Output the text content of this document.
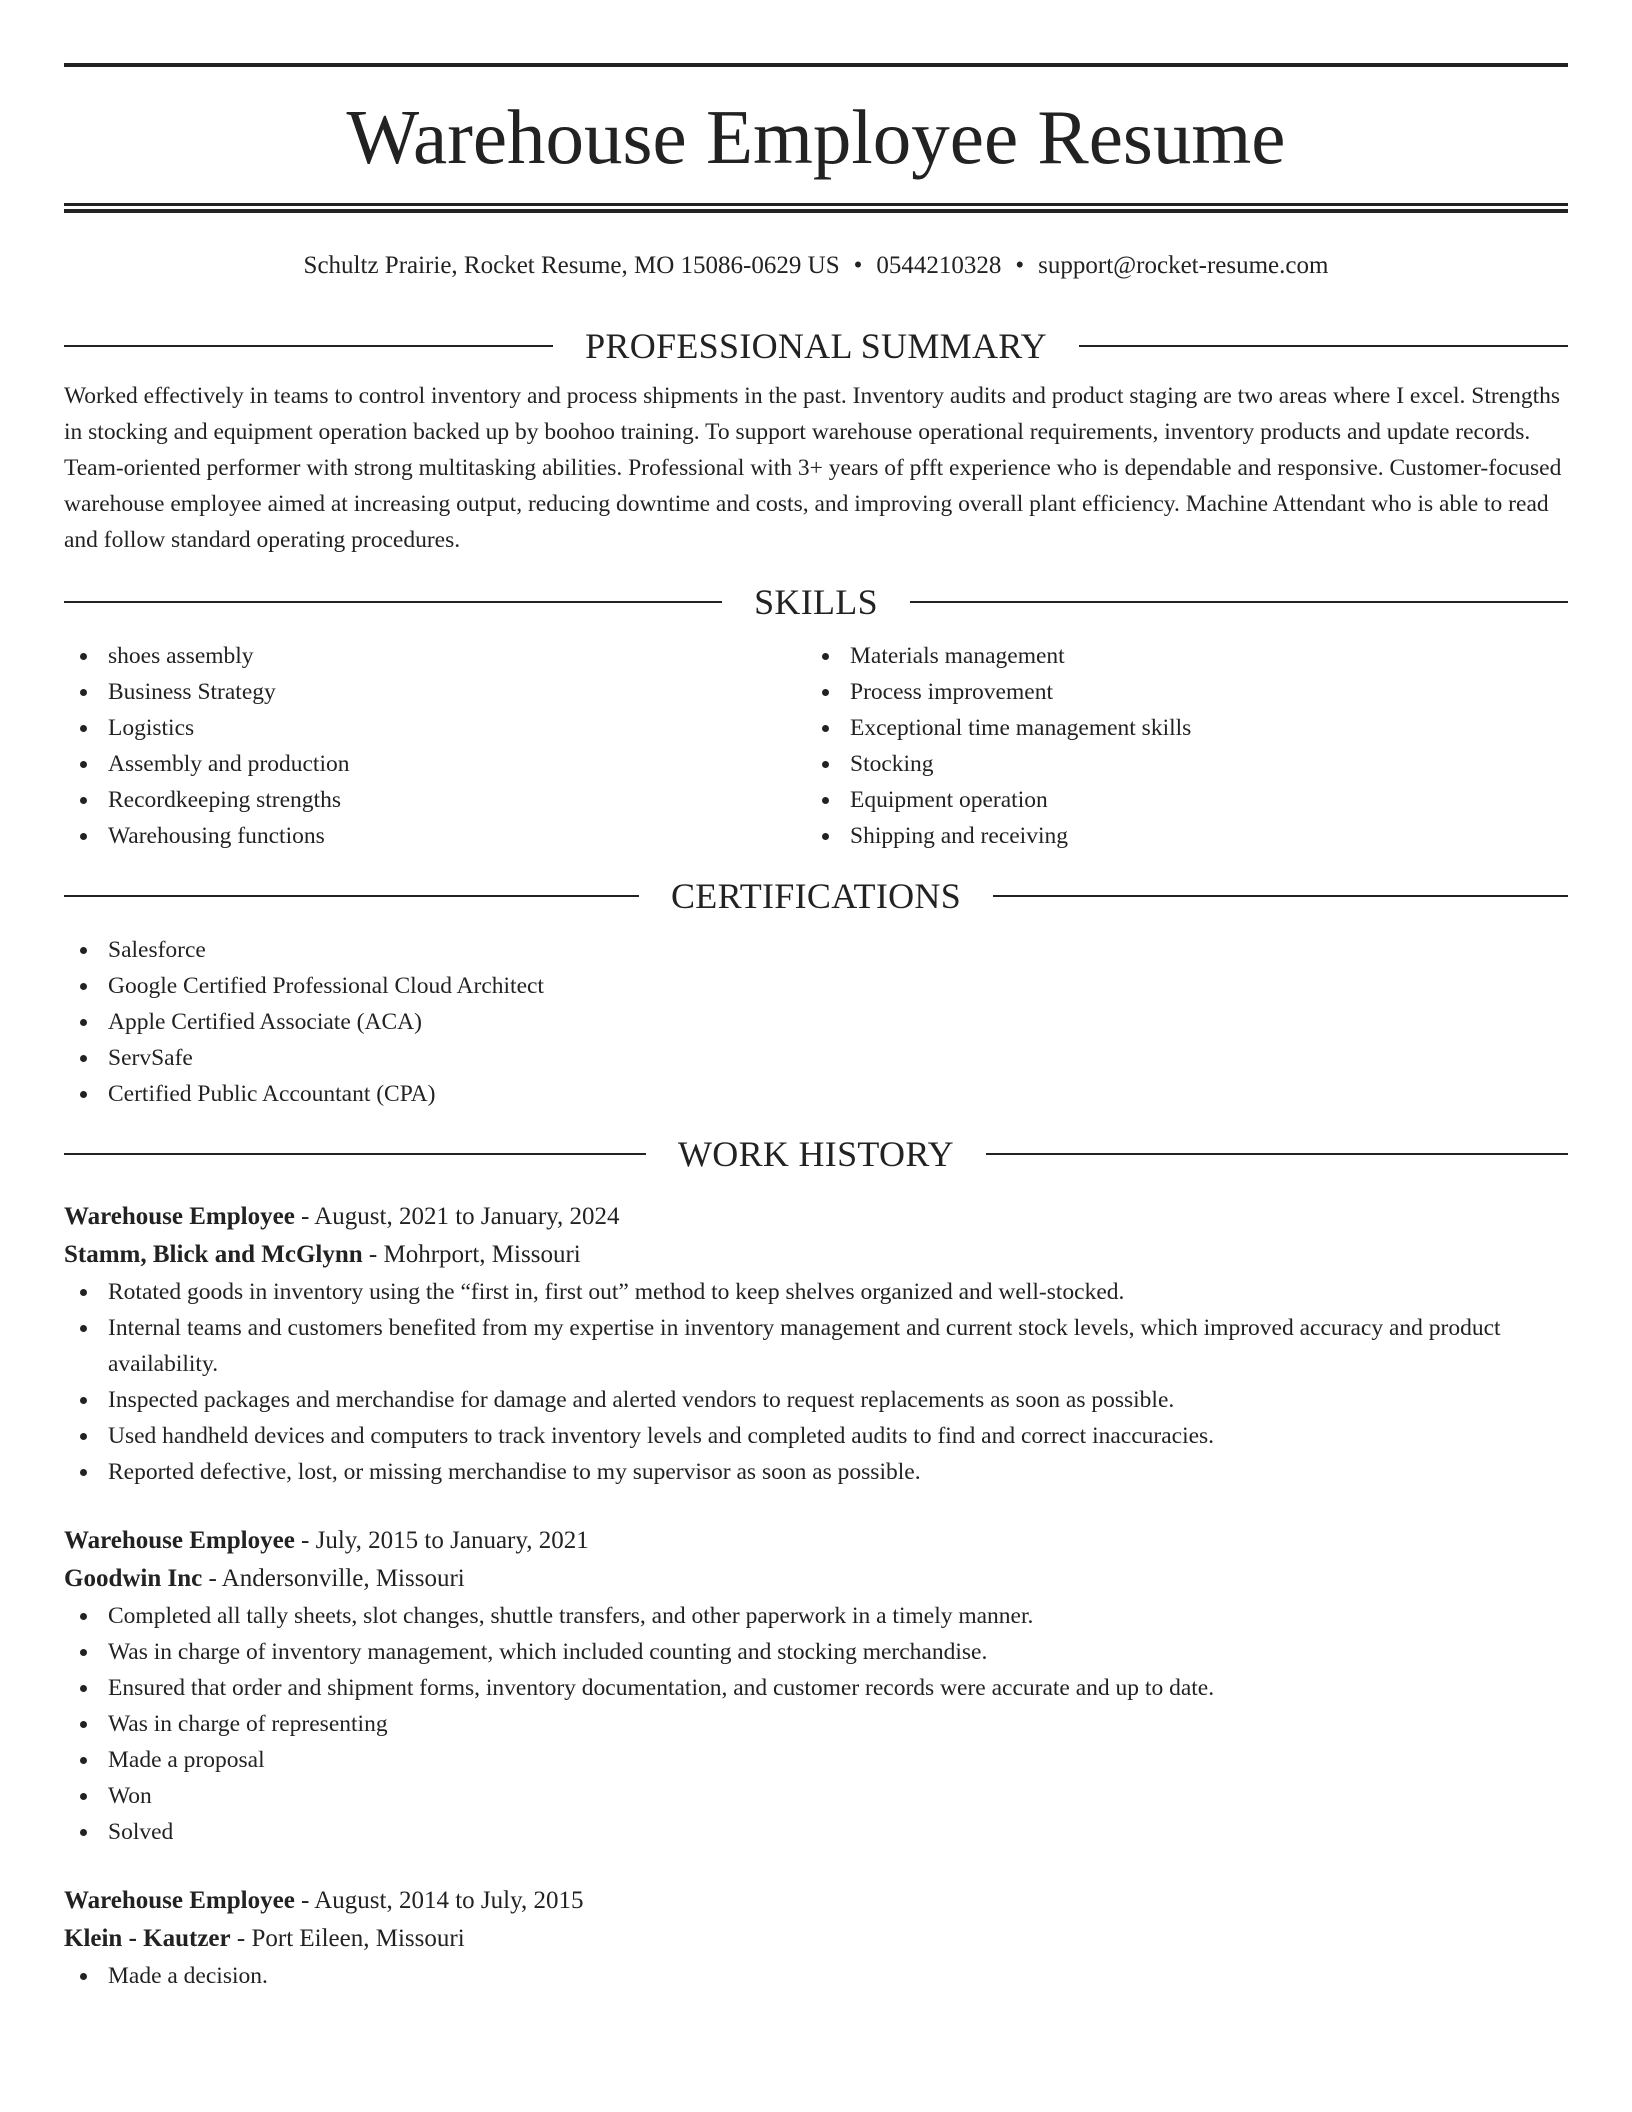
Warehouse Employee Resume
Schultz Prairie, Rocket Resume, MO 15086-0629 US • 0544210328 • support@rocket-resume.com
PROFESSIONAL SUMMARY
Worked effectively in teams to control inventory and process shipments in the past. Inventory audits and product staging are two areas where I excel. Strengths in stocking and equipment operation backed up by boohoo training. To support warehouse operational requirements, inventory products and update records. Team-oriented performer with strong multitasking abilities. Professional with 3+ years of pfft experience who is dependable and responsive. Customer-focused warehouse employee aimed at increasing output, reducing downtime and costs, and improving overall plant efficiency. Machine Attendant who is able to read and follow standard operating procedures.
SKILLS
shoes assembly
Business Strategy
Logistics
Assembly and production
Recordkeeping strengths
Warehousing functions
Materials management
Process improvement
Exceptional time management skills
Stocking
Equipment operation
Shipping and receiving
CERTIFICATIONS
Salesforce
Google Certified Professional Cloud Architect
Apple Certified Associate (ACA)
ServSafe
Certified Public Accountant (CPA)
WORK HISTORY
Warehouse Employee - August, 2021 to January, 2024
Stamm, Blick and McGlynn - Mohrport, Missouri
Rotated goods in inventory using the “first in, first out” method to keep shelves organized and well-stocked.
Internal teams and customers benefited from my expertise in inventory management and current stock levels, which improved accuracy and product availability.
Inspected packages and merchandise for damage and alerted vendors to request replacements as soon as possible.
Used handheld devices and computers to track inventory levels and completed audits to find and correct inaccuracies.
Reported defective, lost, or missing merchandise to my supervisor as soon as possible.
Warehouse Employee - July, 2015 to January, 2021
Goodwin Inc - Andersonville, Missouri
Completed all tally sheets, slot changes, shuttle transfers, and other paperwork in a timely manner.
Was in charge of inventory management, which included counting and stocking merchandise.
Ensured that order and shipment forms, inventory documentation, and customer records were accurate and up to date.
Was in charge of representing
Made a proposal
Won
Solved
Warehouse Employee - August, 2014 to July, 2015
Klein - Kautzer - Port Eileen, Missouri
Made a decision.
